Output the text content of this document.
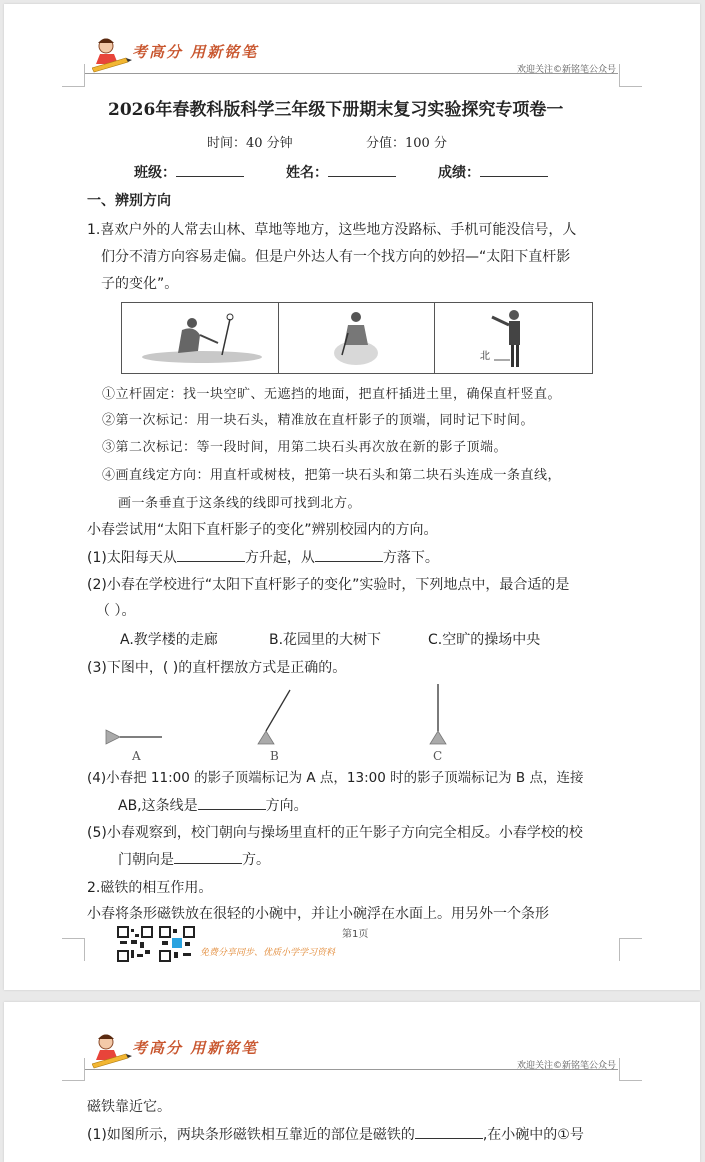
考高分 用新铭笔
欢迎关注©新铭笔公众号
2026年春教科版科学三年级下册期末复习实验探究专项卷一
时间：40 分钟	分值：100 分
班级：	姓名：	成绩：
一、辨别方向
1.喜欢户外的人常去山林、草地等地方，这些地方没路标、手机可能没信号，人
们分不清方向容易走偏。但是户外达人有一个找方向的妙招—“太阳下直杆影
子的变化”。
北
①立杆固定：找一块空旷、无遮挡的地面，把直杆插进土里，确保直杆竖直。
②第一次标记：用一块石头，精准放在直杆影子的顶端，同时记下时间。
③第二次标记：等一段时间，用第二块石头再次放在新的影子顶端。
④画直线定方向：用直杆或树枝，把第一块石头和第二块石头连成一条直线，
画一条垂直于这条线的线即可找到北方。
小春尝试用“太阳下直杆影子的变化”辨别校园内的方向。
(1)太阳每天从	方升起，从	方落下。
(2)小春在学校进行“太阳下直杆影子的变化”实验时，下列地点中，最合适的是
（ ）。
A.教学楼的走廊	B.花园里的大树下	C.空旷的操场中央
(3)下图中，( )的直杆摆放方式是正确的。
A	B	C
(4)小春把 11:00 的影子顶端标记为 A 点，13:00 时的影子顶端标记为 B 点，连接
AB,这条线是	方向。
(5)小春观察到，校门朝向与操场里直杆的正午影子方向完全相反。小春学校的校
门朝向是	方。
2.磁铁的相互作用。
小春将条形磁铁放在很轻的小碗中，并让小碗浮在水面上。用另外一个条形
第1页
免费分享同步、优质小学学习资料
考高分 用新铭笔
欢迎关注©新铭笔公众号
磁铁靠近它。
(1)如图所示，两块条形磁铁相互靠近的部位是磁铁的	,在小碗中的①号
